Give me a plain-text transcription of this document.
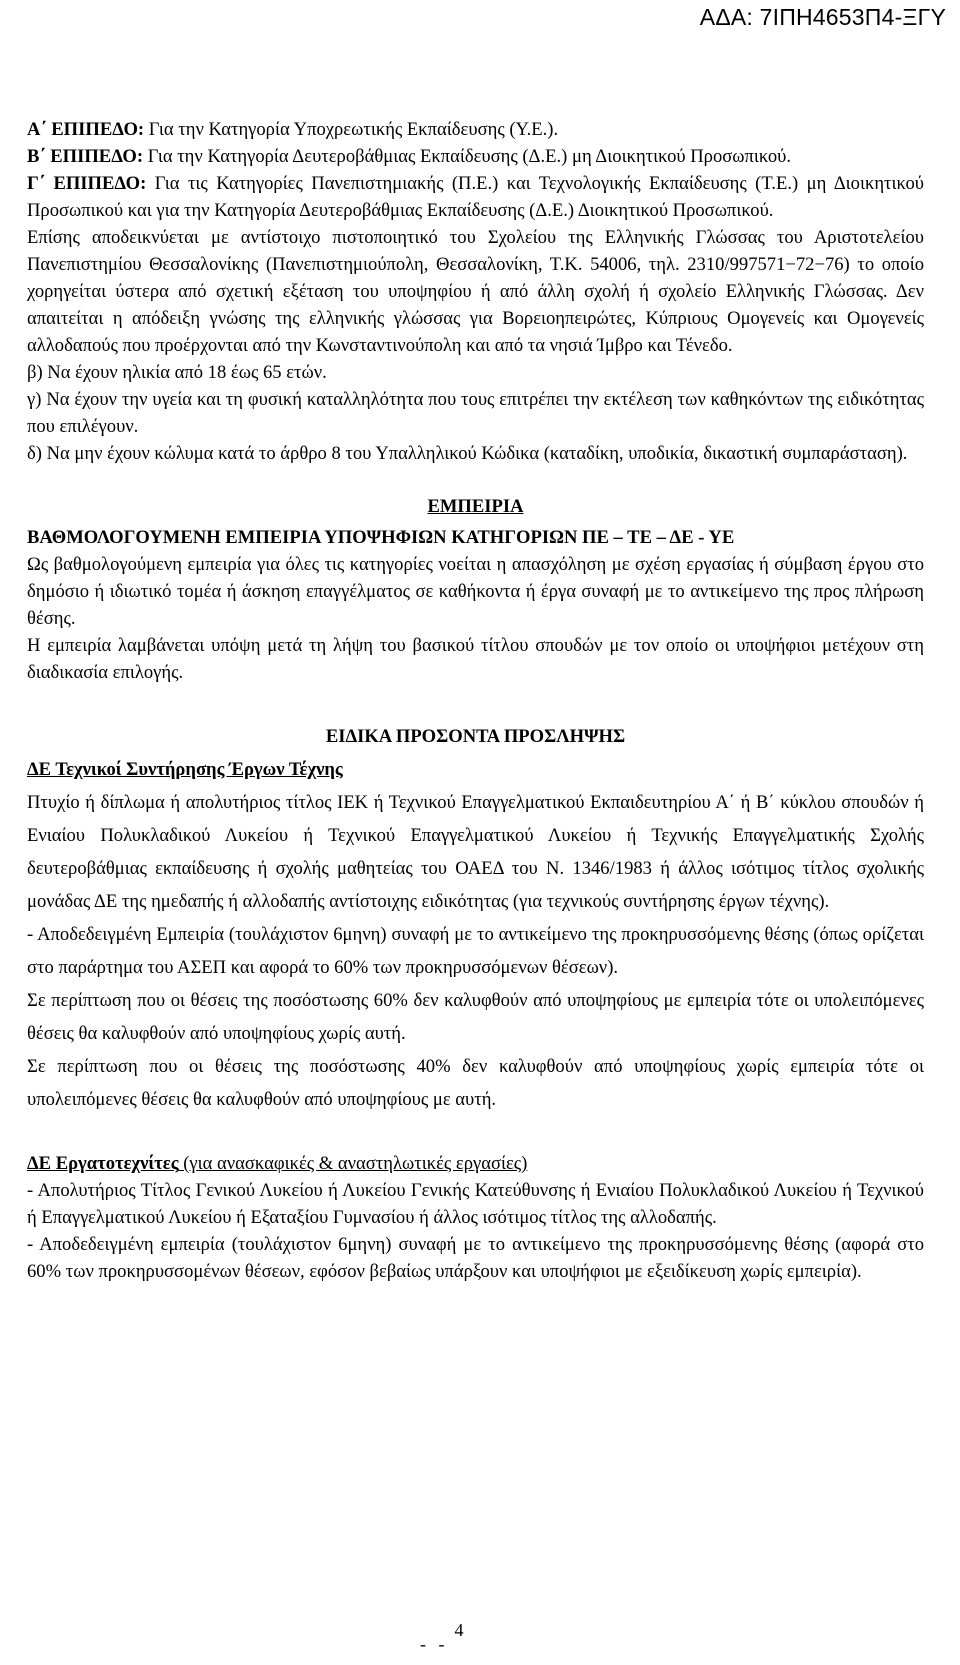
ΑΔΑ: 7ΙΠΗ4653Π4-ΞΓΥ

Α΄ ΕΠΙΠΕΔΟ: Για την Κατηγορία Υποχρεωτικής Εκπαίδευσης (Υ.Ε.).

Β΄ ΕΠΙΠΕΔΟ: Για την Κατηγορία Δευτεροβάθμιας Εκπαίδευσης (Δ.Ε.) μη Διοικητικού Προσωπικού.

Γ΄ ΕΠΙΠΕΔΟ: Για τις Κατηγορίες Πανεπιστημιακής (Π.Ε.) και Τεχνολογικής Εκπαίδευσης (Τ.Ε.) μη Διοικητικού Προσωπικού και για την Κατηγορία Δευτεροβάθμιας Εκπαίδευσης (Δ.Ε.) Διοικητικού Προσωπικού.

Επίσης αποδεικνύεται με αντίστοιχο πιστοποιητικό του Σχολείου της Ελληνικής Γλώσσας του Αριστοτελείου Πανεπιστημίου Θεσσαλονίκης (Πανεπιστημιούπολη, Θεσσαλονίκη, Τ.Κ. 54006, τηλ. 2310/997571−72−76) το οποίο χορηγείται ύστερα από σχετική εξέταση του υποψηφίου ή από άλλη σχολή ή σχολείο Ελληνικής Γλώσσας. Δεν απαιτείται η απόδειξη γνώσης της ελληνικής γλώσσας για Βορειοηπειρώτες, Κύπριους Ομογενείς και Ομογενείς αλλοδαπούς που προέρχονται από την Κωνσταντινούπολη και από τα νησιά Ίμβρο και Τένεδο.

β) Να έχουν ηλικία από 18 έως 65 ετών.

γ) Να έχουν την υγεία και τη φυσική καταλληλότητα που τους επιτρέπει την εκτέλεση των καθηκόντων της ειδικότητας που επιλέγουν.

δ) Να μην έχουν κώλυμα κατά το άρθρο 8 του Υπαλληλικού Κώδικα (καταδίκη, υποδικία, δικαστική συμπαράσταση).

ΕΜΠΕΙΡΙΑ

ΒΑΘΜΟΛΟΓΟΥΜΕΝΗ ΕΜΠΕΙΡΙΑ ΥΠΟΨΗΦΙΩΝ ΚΑΤΗΓΟΡΙΩΝ ΠΕ – ΤΕ – ΔΕ - ΥΕ

Ως βαθμολογούμενη εμπειρία για όλες τις κατηγορίες νοείται η απασχόληση με σχέση εργασίας ή σύμβαση έργου στο δημόσιο ή ιδιωτικό τομέα ή άσκηση επαγγέλματος σε καθήκοντα ή έργα συναφή με το αντικείμενο της προς πλήρωση θέσης.

Η εμπειρία λαμβάνεται υπόψη μετά τη λήψη του βασικού τίτλου σπουδών με τον οποίο οι υποψήφιοι μετέχουν στη διαδικασία επιλογής.

ΕΙΔΙΚΑ ΠΡΟΣΟΝΤΑ ΠΡΟΣΛΗΨΗΣ

ΔΕ Τεχνικοί Συντήρησης Έργων Τέχνης

Πτυχίο ή δίπλωμα ή απολυτήριος τίτλος ΙΕΚ ή Τεχνικού Επαγγελματικού Εκπαιδευτηρίου Α΄ ή Β΄ κύκλου σπουδών ή Ενιαίου Πολυκλαδικού Λυκείου ή Τεχνικού Επαγγελματικού Λυκείου ή Τεχνικής Επαγγελματικής Σχολής δευτεροβάθμιας εκπαίδευσης ή σχολής μαθητείας του ΟΑΕΔ του Ν. 1346/1983 ή άλλος ισότιμος τίτλος σχολικής μονάδας ΔΕ της ημεδαπής ή αλλοδαπής αντίστοιχης ειδικότητας (για τεχνικούς συντήρησης έργων τέχνης).

- Αποδεδειγμένη Εμπειρία (τουλάχιστον 6μηνη) συναφή με το αντικείμενο της προκηρυσσόμενης θέσης (όπως ορίζεται στο παράρτημα του ΑΣΕΠ και αφορά το 60% των προκηρυσσόμενων θέσεων).

Σε περίπτωση που οι θέσεις της ποσόστωσης 60% δεν καλυφθούν από υποψηφίους με εμπειρία τότε οι υπολειπόμενες θέσεις θα καλυφθούν από υποψηφίους χωρίς αυτή.

Σε περίπτωση που οι θέσεις της ποσόστωσης 40% δεν καλυφθούν από υποψηφίους χωρίς εμπειρία τότε οι υπολειπόμενες θέσεις θα καλυφθούν από υποψηφίους με αυτή.

ΔΕ Εργατοτεχνίτες (για ανασκαφικές & αναστηλωτικές εργασίες)

- Απολυτήριος Τίτλος Γενικού Λυκείου ή Λυκείου Γενικής Κατεύθυνσης ή Ενιαίου Πολυκλαδικού Λυκείου ή Τεχνικού ή Επαγγελματικού Λυκείου ή Εξαταξίου Γυμνασίου ή άλλος ισότιμος τίτλος της αλλοδαπής.

- Αποδεδειγμένη εμπειρία (τουλάχιστον 6μηνη) συναφή με το αντικείμενο της προκηρυσσόμενης θέσης (αφορά στο 60% των προκηρυσσομένων θέσεων, εφόσον βεβαίως υπάρξουν και υποψήφιοι με εξειδίκευση χωρίς εμπειρία).

- -4
